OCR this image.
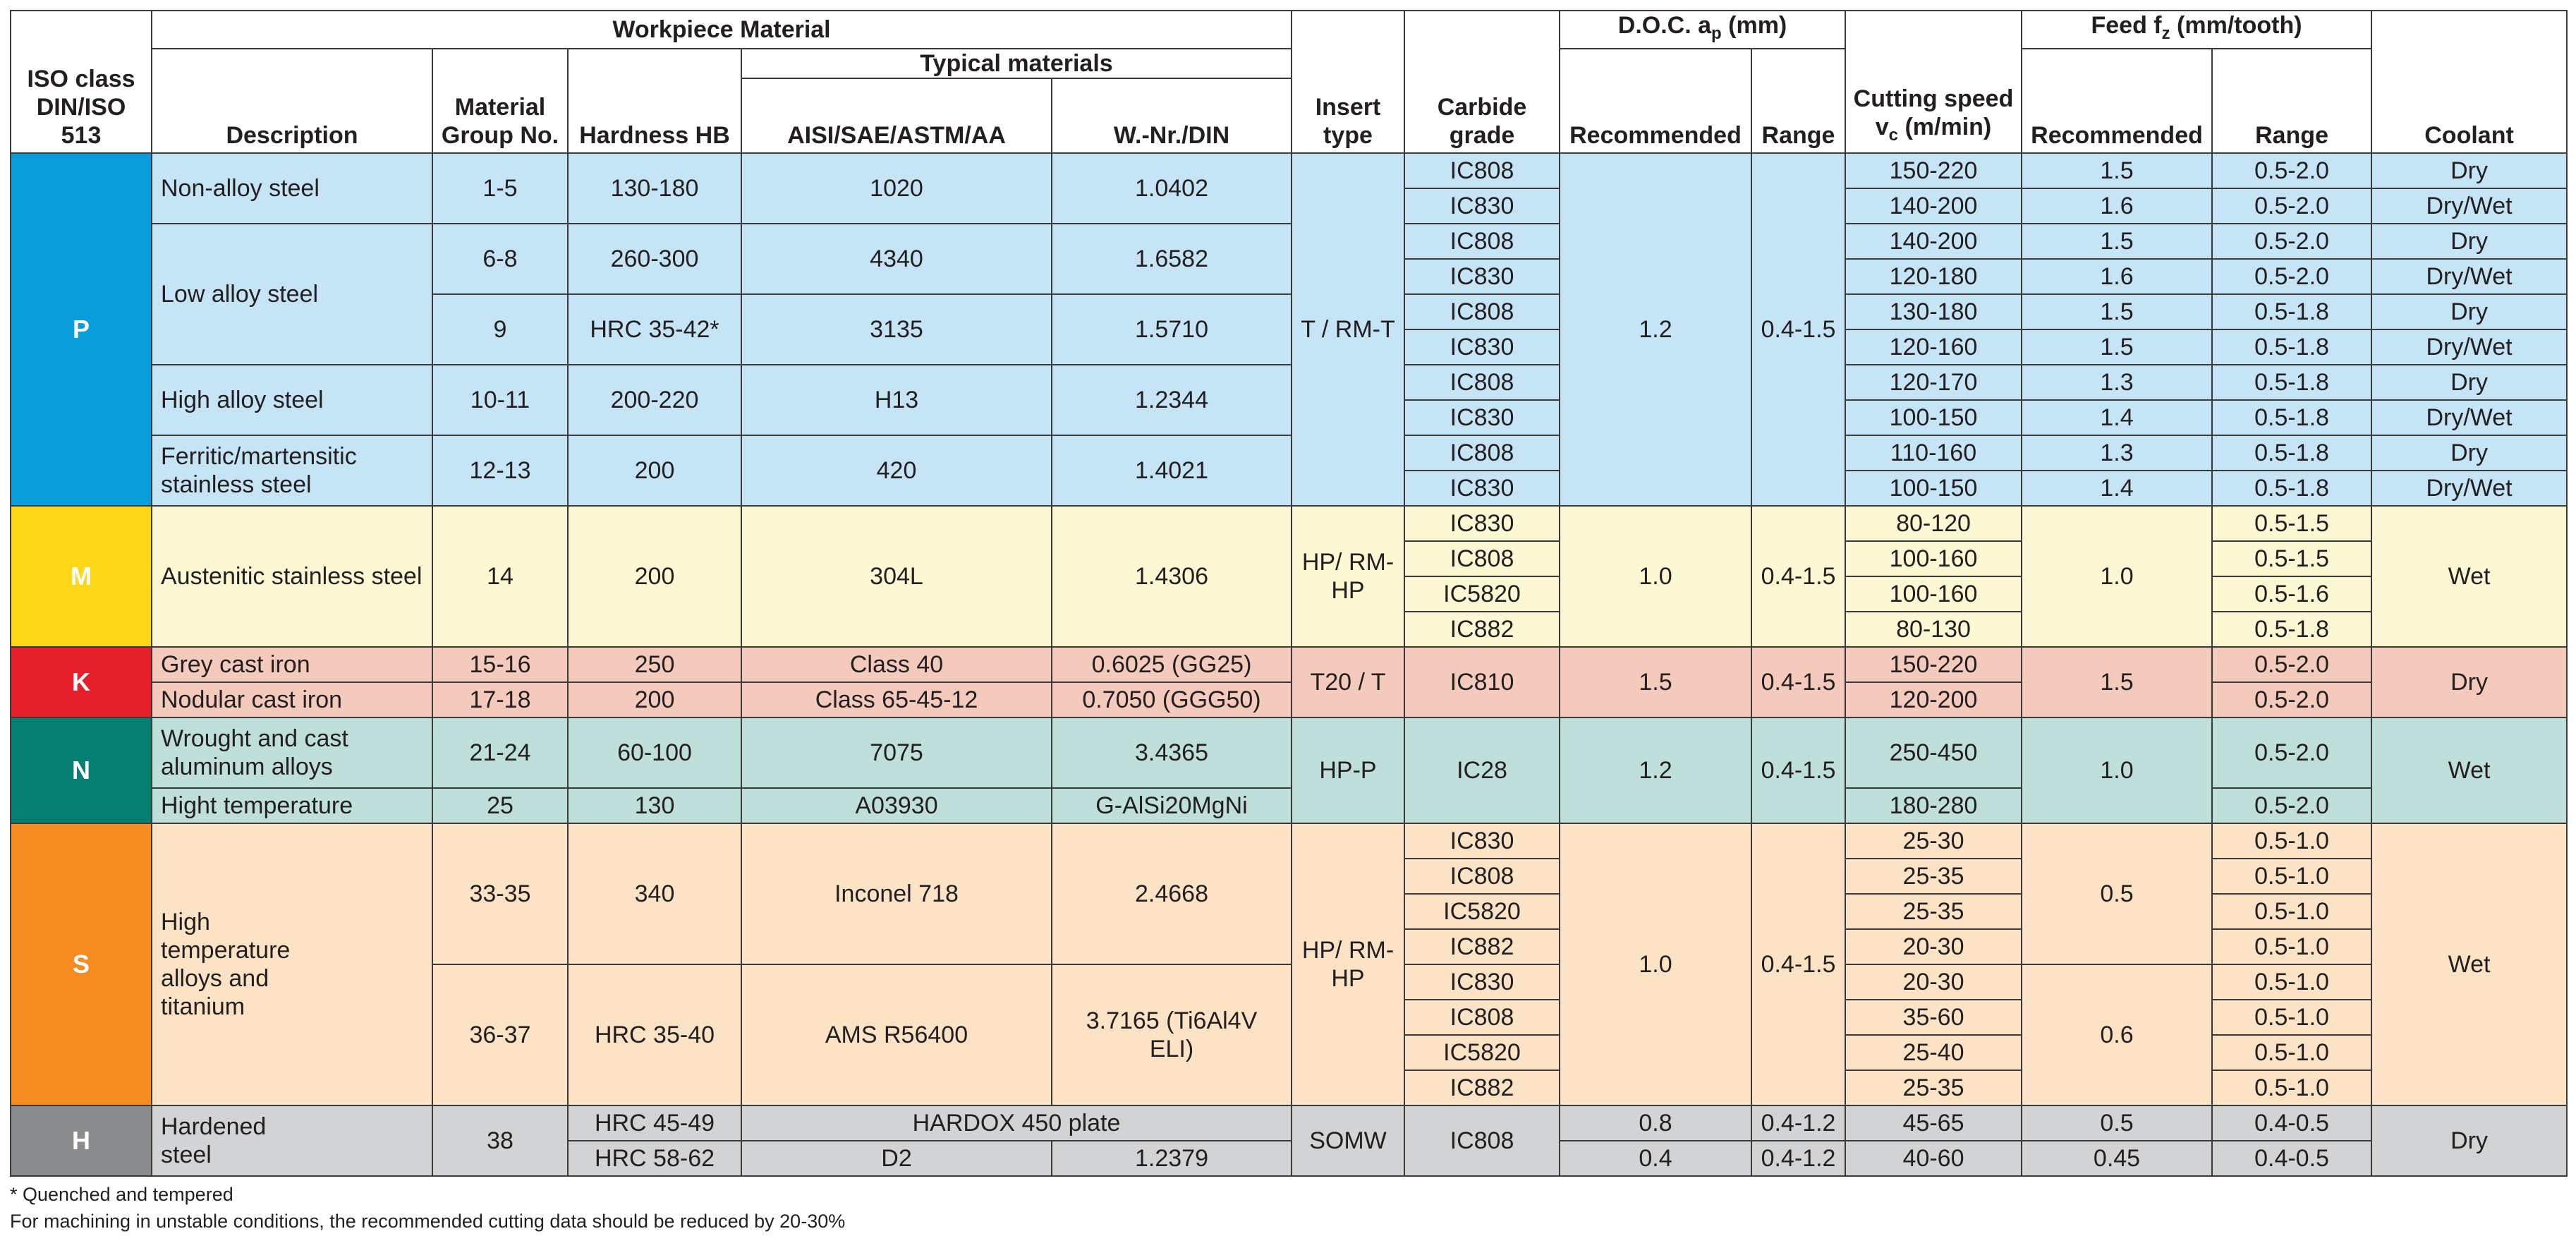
ISO class DIN/ISO 513	Workpiece Material					Insert type	Carbide grade	D.O.C. $a_p$ (mm)		Cutting speed $v_c$ (m/min)	Feed $f_z$ (mm/tooth)		Coolant
	Description	Material Group No.	Hardness HB	Typical materials				Recommended	Range		Recommended	Range	
				AISI/SAE/ASTM/AA	W.-Nr./DIN								
P	Non-alloy steel	1-5	130-180	1020	1.0402	T / RM-T	IC808	1.2	0.4-1.5	150-220	1.5	0.5-2.0	Dry
							IC830			140-200	1.6	0.5-2.0	Dry/Wet
	Low alloy steel	6-8	260-300	4340	1.6582		IC808			140-200	1.5	0.5-2.0	Dry
							IC830			120-180	1.6	0.5-2.0	Dry/Wet
		9	HRC 35-42*	3135	1.5710		IC808			130-180	1.5	0.5-1.8	Dry
							IC830			120-160	1.5	0.5-1.8	Dry/Wet
	High alloy steel	10-11	200-220	H13	1.2344		IC808			120-170	1.3	0.5-1.8	Dry
							IC830			100-150	1.4	0.5-1.8	Dry/Wet
	Ferritic/martensitic stainless steel	12-13	200	420	1.4021		IC808			110-160	1.3	0.5-1.8	Dry
							IC830			100-150	1.4	0.5-1.8	Dry/Wet
M	Austenitic stainless steel	14	200	304L	1.4306	HP/ RM-HP	IC830	1.0	0.4-1.5	80-120	1.0	0.5-1.5	Wet
							IC808			100-160		0.5-1.5	
							IC5820			100-160		0.5-1.6	
							IC882			80-130		0.5-1.8	
K	Grey cast iron	15-16	250	Class 40	0.6025 (GG25)	T20 / T	IC810	1.5	0.4-1.5	150-220	1.5	0.5-2.0	Dry
	Nodular cast iron	17-18	200	Class 65-45-12	0.7050 (GGG50)					120-200		0.5-2.0	
N	Wrought and cast aluminum alloys	21-24	60-100	7075	3.4365	HP-P	IC28	1.2	0.4-1.5	250-450	1.0	0.5-2.0	Wet
	Hight temperature	25	130	A03930	G-AlSi20MgNi					180-280		0.5-2.0	
S	High temperature alloys and titanium	33-35	340	Inconel 718	2.4668	HP/ RM-HP	IC830	1.0	0.4-1.5	25-30	0.5	0.5-1.0	Wet
							IC808			25-35		0.5-1.0	
							IC5820			25-35		0.5-1.0	
							IC882			20-30		0.5-1.0	
		36-37	HRC 35-40	AMS R56400	3.7165 (Ti6Al4V ELI)		IC830			20-30	0.6	0.5-1.0	
							IC808			35-60		0.5-1.0	
							IC5820			25-40		0.5-1.0	
							IC882			25-35		0.5-1.0	
H	Hardened steel	38	HRC 45-49	HARDOX 450 plate		SOMW	IC808	0.8	0.4-1.2	45-65	0.5	0.4-0.5	Dry
			HRC 58-62	D2	1.2379			0.4	0.4-1.2	40-60	0.45	0.4-0.5	
* Quenched and tempered
For machining in unstable conditions, the recommended cutting data should be reduced by 20-30%
